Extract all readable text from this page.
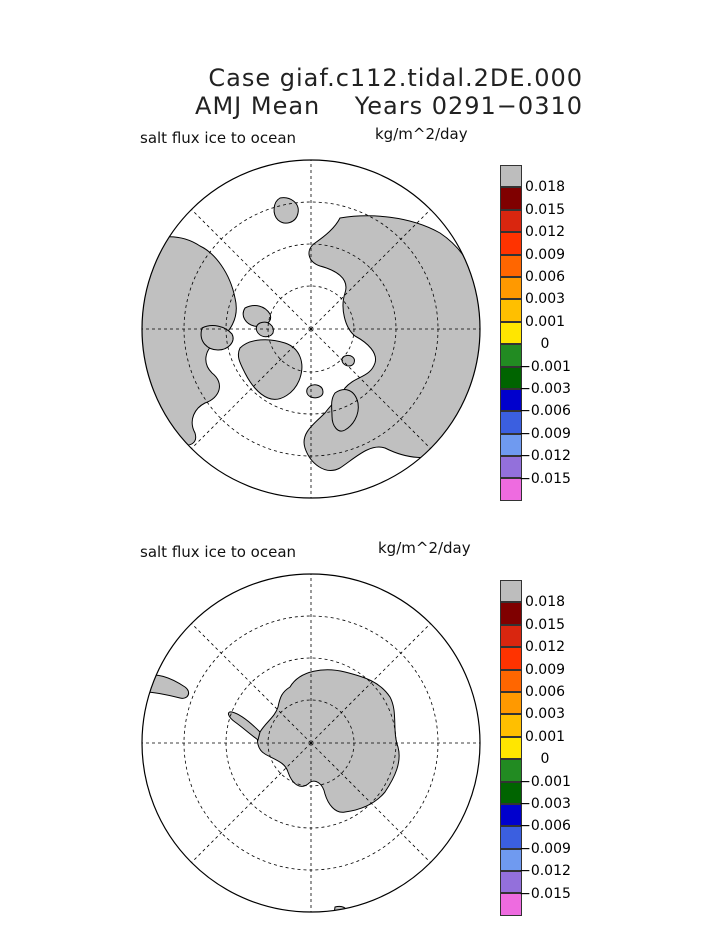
Case giaf.c112.tidal.2DE.000
AMJ Mean    Years 0291−0310
salt flux ice to ocean	kg/m^2/day
salt flux ice to ocean	kg/m^2/day
0.018
0.015
0.012
0.009
0.006
0.003
0.001
0
−0.001
−0.003
−0.006
−0.009
−0.012
−0.015
0.018
0.015
0.012
0.009
0.006
0.003
0.001
0
−0.001
−0.003
−0.006
−0.009
−0.012
−0.015
